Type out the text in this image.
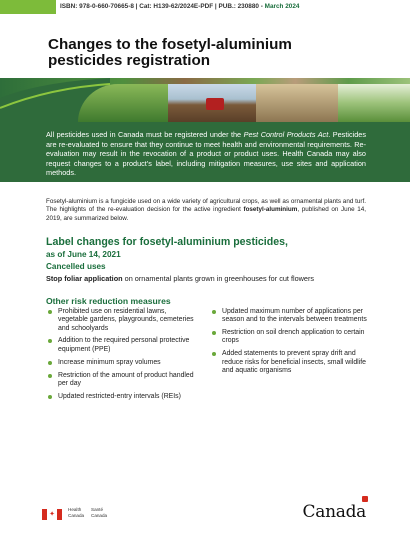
ISBN: 978-0-660-70665-8 | Cat: H139-62/2024E-PDF | PUB.: 230880 - March 2024
Changes to the fosetyl-aluminium pesticides registration

All pesticides used in Canada must be registered under the Pest Control Products Act. Pesticides are re-evaluated to ensure that they continue to meet health and environmental requirements. Re-evaluation may result in the revocation of a product or product uses. Health Canada may also request changes to a product's label, including mitigation measures, use sites and application methods.

Fosetyl-aluminium is a fungicide used on a wide variety of agricultural crops, as well as ornamental plants and turf. The highlights of the re-evaluation decision for the active ingredient fosetyl-aluminium, published on June 14, 2019, are summarized below.

Label changes for fosetyl-aluminium pesticides,
as of June 14, 2021
Cancelled uses

Stop foliar application on ornamental plants grown in greenhouses for cut flowers

Other risk reduction measures
Prohibited use on residential lawns, vegetable gardens, playgrounds, cemeteries and schoolyards
Addition to the required personal protective equipment (PPE)
Increase minimum spray volumes
Restriction of the amount of product handled per day
Updated restricted-entry intervals (REIs)
Updated maximum number of applications per season and to the intervals between treatments
Restriction on soil drench application to certain crops
Added statements to prevent spray drift and reduce risks for beneficial insects, small wildlife and aquatic organisms
✦
Health
Canada
Santé
Canada	Canada
